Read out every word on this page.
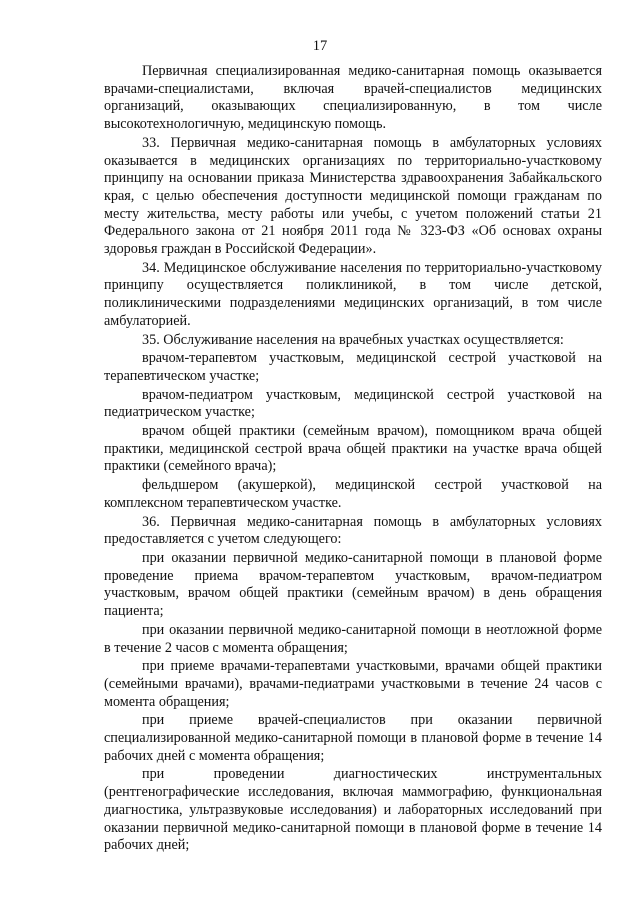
17

Первичная специализированная медико-санитарная помощь оказывается врачами-специалистами, включая врачей-специалистов медицинских организаций, оказывающих специализированную, в том числе высокотехнологичную, медицинскую помощь.

33. Первичная медико-санитарная помощь в амбулаторных условиях оказывается в медицинских организациях по территориально-участковому принципу на основании приказа Министерства здравоохранения Забайкальского края, с целью обеспечения доступности медицинской помощи гражданам по месту жительства, месту работы или учебы, с учетом положений статьи 21 Федерального закона от 21 ноября 2011 года № 323-ФЗ «Об основах охраны здоровья граждан в Российской Федерации».

34. Медицинское обслуживание населения по территориально-участковому принципу осуществляется поликлиникой, в том числе детской, поликлиническими подразделениями медицинских организаций, в том числе амбулаторией.

35. Обслуживание населения на врачебных участках осуществляется:

врачом-терапевтом участковым, медицинской сестрой участковой на терапевтическом участке;

врачом-педиатром участковым, медицинской сестрой участковой на педиатрическом участке;

врачом общей практики (семейным врачом), помощником врача общей практики, медицинской сестрой врача общей практики на участке врача общей практики (семейного врача);

фельдшером (акушеркой), медицинской сестрой участковой на комплексном терапевтическом участке.

36. Первичная медико-санитарная помощь в амбулаторных условиях предоставляется с учетом следующего:

при оказании первичной медико-санитарной помощи в плановой форме проведение приема врачом-терапевтом участковым, врачом-педиатром участковым, врачом общей практики (семейным врачом) в день обращения пациента;

при оказании первичной медико-санитарной помощи в неотложной форме в течение 2 часов с момента обращения;

при приеме врачами-терапевтами участковыми, врачами общей практики (семейными врачами), врачами-педиатрами участковыми в течение 24 часов с момента обращения;

при приеме врачей-специалистов при оказании первичной специализированной медико-санитарной помощи в плановой форме в течение 14 рабочих дней с момента обращения;

при проведении диагностических инструментальных (рентгенографические исследования, включая маммографию, функциональная диагностика, ультразвуковые исследования) и лабораторных исследований при оказании первичной медико-санитарной помощи в плановой форме в течение 14 рабочих дней;
